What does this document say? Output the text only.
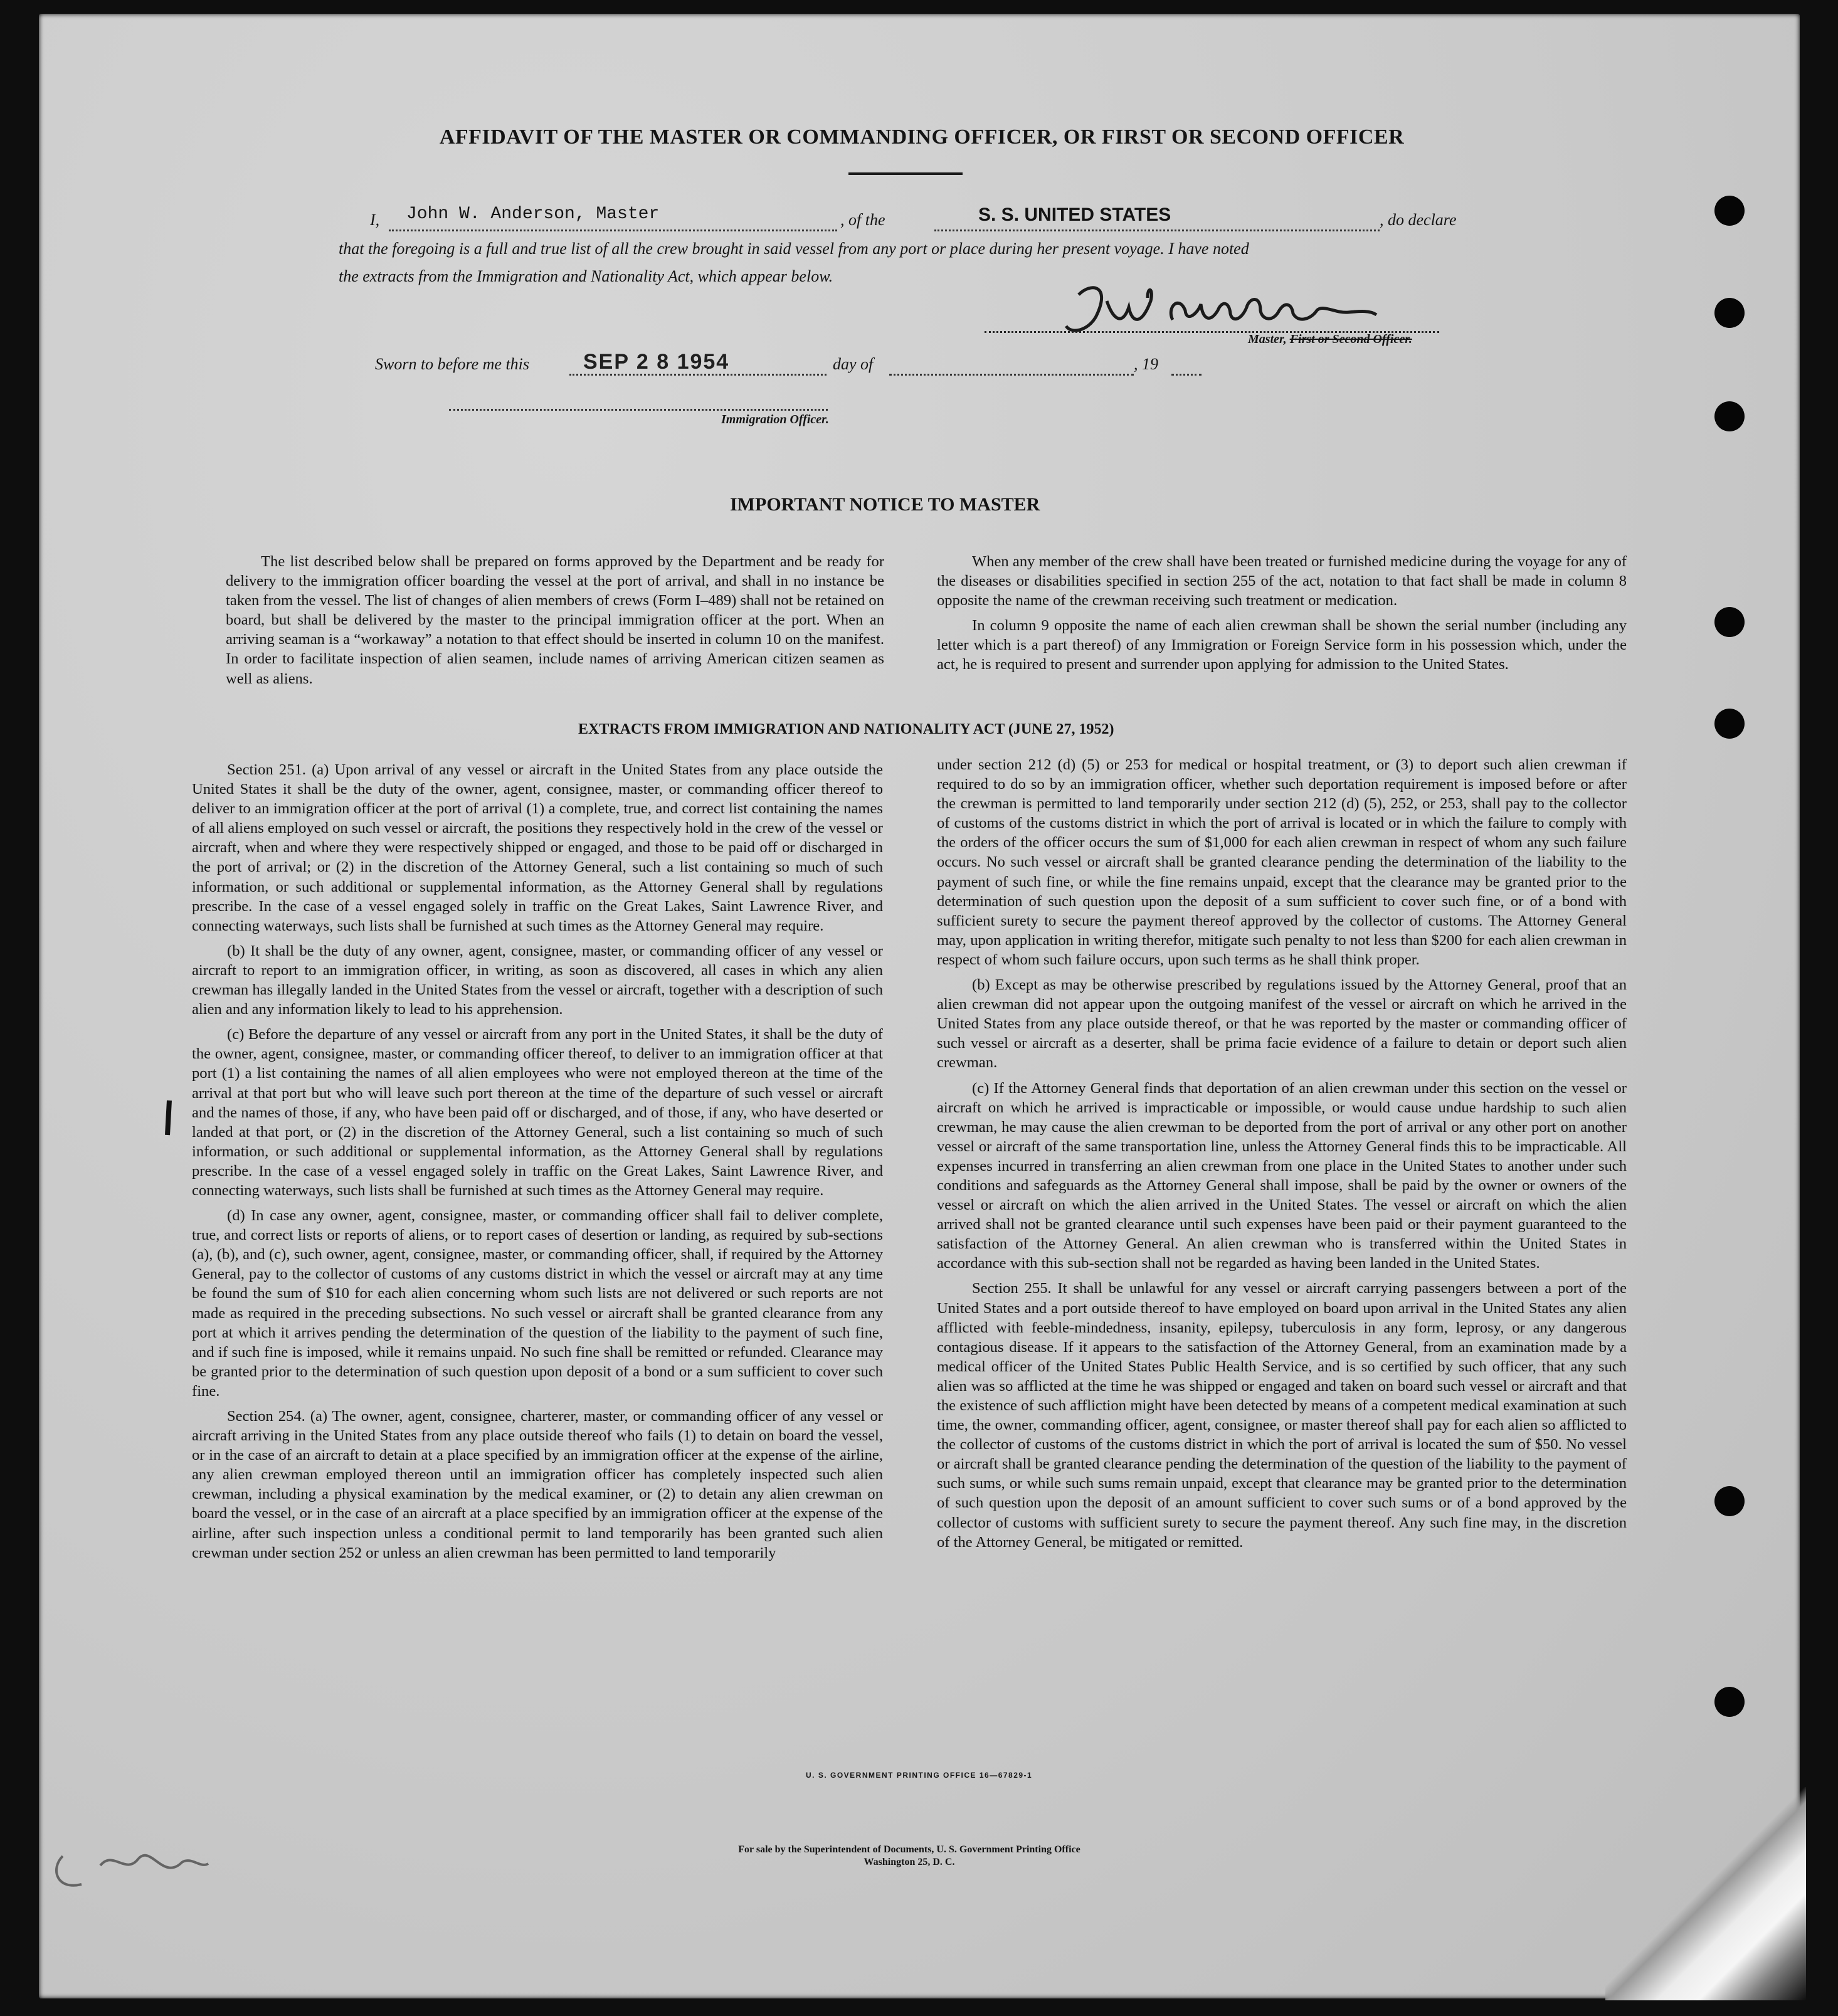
AFFIDAVIT OF THE MASTER OR COMMANDING OFFICER, OR FIRST OR SECOND OFFICER
I, John W. Anderson, Master	, of the	S. S. UNITED STATES	, do declare
that the foregoing is a full and true list of all the crew brought in said vessel from any port or place during her present voyage. I have noted
the extracts from the Immigration and Nationality Act, which appear below.
Master, First or Second Officer.
Sworn to before me this	SEP 2 8 1954	day of	, 19
Immigration Officer.
IMPORTANT NOTICE TO MASTER

The list described below shall be prepared on forms approved by the Department and be ready for delivery to the immigration officer boarding the vessel at the port of arrival, and shall in no instance be taken from the vessel. The list of changes of alien members of crews (Form I–489) shall not be retained on board, but shall be delivered by the master to the principal immigration officer at the port. When an arriving seaman is a “workaway” a notation to that effect should be inserted in column 10 on the manifest. In order to facilitate inspection of alien seamen, include names of arriving American citizen seamen as well as aliens.

When any member of the crew shall have been treated or furnished medicine during the voyage for any of the diseases or disabilities specified in section 255 of the act, notation to that fact shall be made in column 8 opposite the name of the crewman receiving such treatment or medication.

In column 9 opposite the name of each alien crewman shall be shown the serial number (including any letter which is a part thereof) of any Immigration or Foreign Service form in his possession which, under the act, he is required to present and surrender upon applying for admission to the United States.

EXTRACTS FROM IMMIGRATION AND NATIONALITY ACT (JUNE 27, 1952)

Section 251. (a) Upon arrival of any vessel or aircraft in the United States from any place outside the United States it shall be the duty of the owner, agent, consignee, master, or commanding officer thereof to deliver to an immigration officer at the port of arrival (1) a complete, true, and correct list containing the names of all aliens employed on such vessel or aircraft, the positions they respectively hold in the crew of the vessel or aircraft, when and where they were respectively shipped or engaged, and those to be paid off or discharged in the port of arrival; or (2) in the discretion of the Attorney General, such a list containing so much of such information, or such additional or supplemental information, as the Attorney General shall by regulations prescribe. In the case of a vessel engaged solely in traffic on the Great Lakes, Saint Lawrence River, and connecting waterways, such lists shall be furnished at such times as the Attorney General may require.

(b) It shall be the duty of any owner, agent, consignee, master, or commanding officer of any vessel or aircraft to report to an immigration officer, in writing, as soon as discovered, all cases in which any alien crewman has illegally landed in the United States from the vessel or aircraft, together with a description of such alien and any information likely to lead to his apprehension.

(c) Before the departure of any vessel or aircraft from any port in the United States, it shall be the duty of the owner, agent, consignee, master, or commanding officer thereof, to deliver to an immigration officer at that port (1) a list containing the names of all alien employees who were not employed thereon at the time of the arrival at that port but who will leave such port thereon at the time of the departure of such vessel or aircraft and the names of those, if any, who have been paid off or discharged, and of those, if any, who have deserted or landed at that port, or (2) in the discretion of the Attorney General, such a list containing so much of such information, or such additional or supplemental information, as the Attorney General shall by regulations prescribe. In the case of a vessel engaged solely in traffic on the Great Lakes, Saint Lawrence River, and connecting waterways, such lists shall be furnished at such times as the Attorney General may require.

(d) In case any owner, agent, consignee, master, or commanding officer shall fail to deliver complete, true, and correct lists or reports of aliens, or to report cases of desertion or landing, as required by sub-sections (a), (b), and (c), such owner, agent, consignee, master, or commanding officer, shall, if required by the Attorney General, pay to the collector of customs of any customs district in which the vessel or aircraft may at any time be found the sum of $10 for each alien concerning whom such lists are not delivered or such reports are not made as required in the preceding subsections. No such vessel or aircraft shall be granted clearance from any port at which it arrives pending the determination of the question of the liability to the payment of such fine, and if such fine is imposed, while it remains unpaid. No such fine shall be remitted or refunded. Clearance may be granted prior to the determination of such question upon deposit of a bond or a sum sufficient to cover such fine.

Section 254. (a) The owner, agent, consignee, charterer, master, or commanding officer of any vessel or aircraft arriving in the United States from any place outside thereof who fails (1) to detain on board the vessel, or in the case of an aircraft to detain at a place specified by an immigration officer at the expense of the airline, any alien crewman employed thereon until an immigration officer has completely inspected such alien crewman, including a physical examination by the medical examiner, or (2) to detain any alien crewman on board the vessel, or in the case of an aircraft at a place specified by an immigration officer at the expense of the airline, after such inspection unless a conditional permit to land temporarily has been granted such alien crewman under section 252 or unless an alien crewman has been permitted to land temporarily

under section 212 (d) (5) or 253 for medical or hospital treatment, or (3) to deport such alien crewman if required to do so by an immigration officer, whether such deportation requirement is imposed before or after the crewman is permitted to land temporarily under section 212 (d) (5), 252, or 253, shall pay to the collector of customs of the customs district in which the port of arrival is located or in which the failure to comply with the orders of the officer occurs the sum of $1,000 for each alien crewman in respect of whom any such failure occurs. No such vessel or aircraft shall be granted clearance pending the determination of the liability to the payment of such fine, or while the fine remains unpaid, except that the clearance may be granted prior to the determination of such question upon the deposit of a sum sufficient to cover such fine, or of a bond with sufficient surety to secure the payment thereof approved by the collector of customs. The Attorney General may, upon application in writing therefor, mitigate such penalty to not less than $200 for each alien crewman in respect of whom such failure occurs, upon such terms as he shall think proper.

(b) Except as may be otherwise prescribed by regulations issued by the Attorney General, proof that an alien crewman did not appear upon the outgoing manifest of the vessel or aircraft on which he arrived in the United States from any place outside thereof, or that he was reported by the master or commanding officer of such vessel or aircraft as a deserter, shall be prima facie evidence of a failure to detain or deport such alien crewman.

(c) If the Attorney General finds that deportation of an alien crewman under this section on the vessel or aircraft on which he arrived is impracticable or impossible, or would cause undue hardship to such alien crewman, he may cause the alien crewman to be deported from the port of arrival or any other port on another vessel or aircraft of the same transportation line, unless the Attorney General finds this to be impracticable. All expenses incurred in transferring an alien crewman from one place in the United States to another under such conditions and safeguards as the Attorney General shall impose, shall be paid by the owner or owners of the vessel or aircraft on which the alien arrived in the United States. The vessel or aircraft on which the alien arrived shall not be granted clearance until such expenses have been paid or their payment guaranteed to the satisfaction of the Attorney General. An alien crewman who is transferred within the United States in accordance with this sub-section shall not be regarded as having been landed in the United States.

Section 255. It shall be unlawful for any vessel or aircraft carrying passengers between a port of the United States and a port outside thereof to have employed on board upon arrival in the United States any alien afflicted with feeble-mindedness, insanity, epilepsy, tuberculosis in any form, leprosy, or any dangerous contagious disease. If it appears to the satisfaction of the Attorney General, from an examination made by a medical officer of the United States Public Health Service, and is so certified by such officer, that any such alien was so afflicted at the time he was shipped or engaged and taken on board such vessel or aircraft and that the existence of such affliction might have been detected by means of a competent medical examination at such time, the owner, commanding officer, agent, consignee, or master thereof shall pay for each alien so afflicted to the collector of customs of the customs district in which the port of arrival is located the sum of $50. No vessel or aircraft shall be granted clearance pending the determination of the question of the liability to the payment of such sums, or while such sums remain unpaid, except that clearance may be granted prior to the determination of such question upon the deposit of an amount sufficient to cover such sums or of a bond approved by the collector of customs with sufficient surety to secure the payment thereof. Any such fine may, in the discretion of the Attorney General, be mitigated or remitted.

U. S. GOVERNMENT PRINTING OFFICE 16—67829-1
For sale by the Superintendent of Documents, U. S. Government Printing Office
Washington 25, D. C.
